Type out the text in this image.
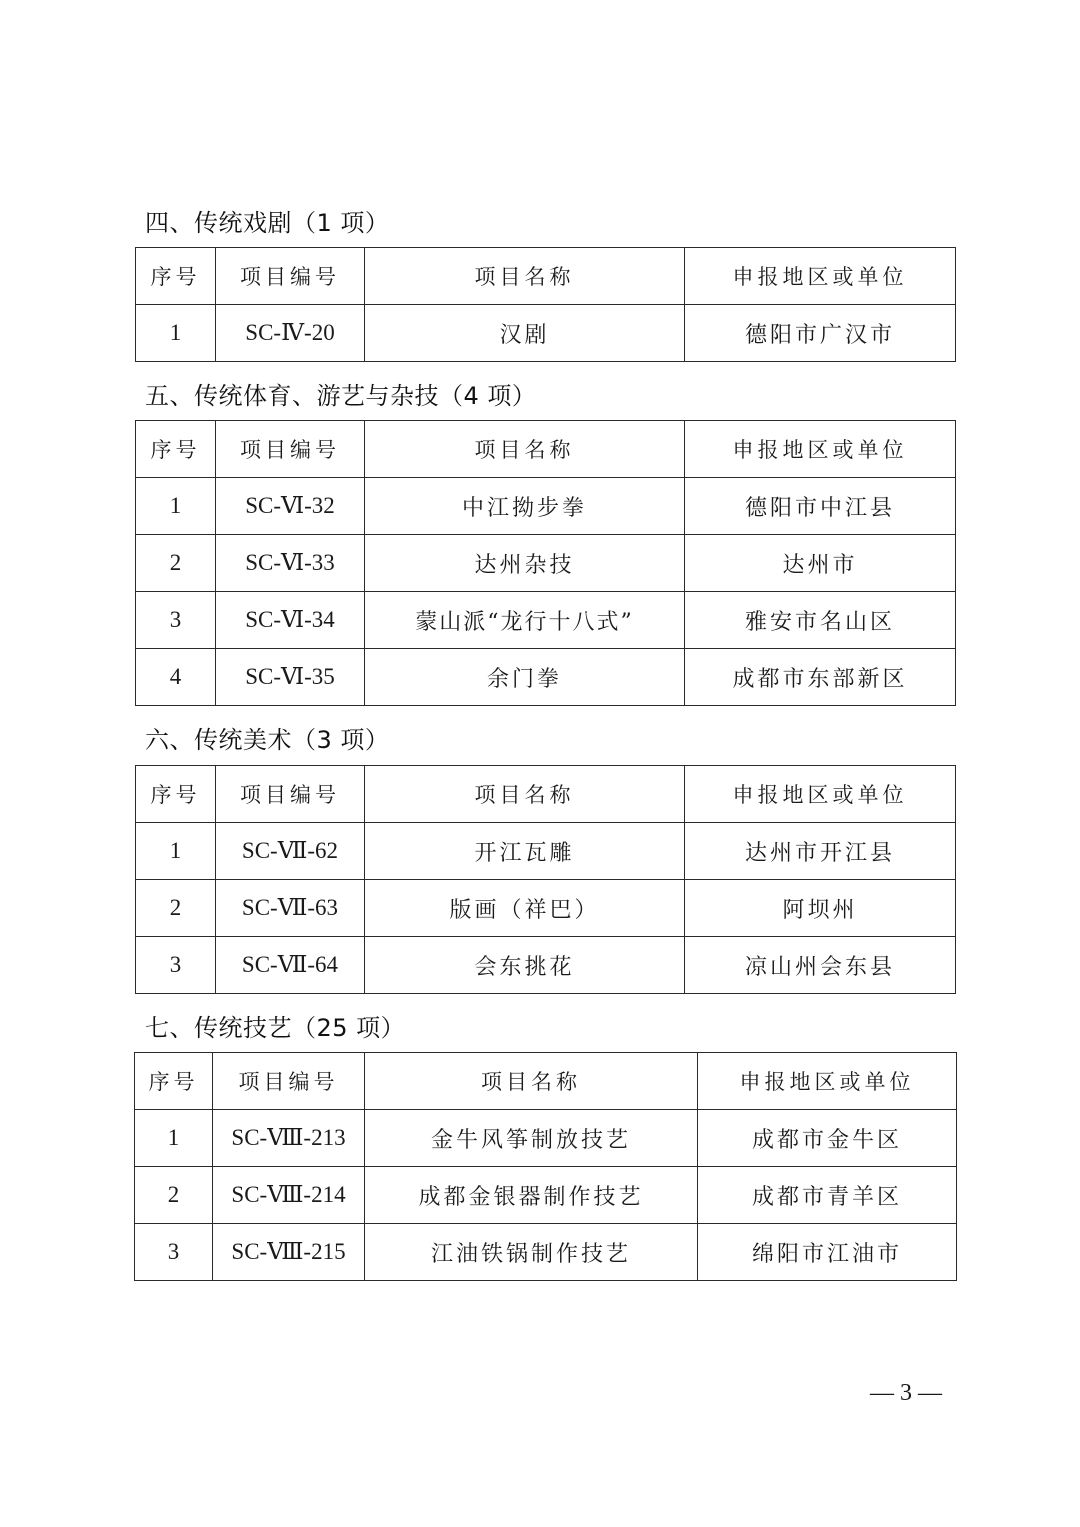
四、传统戏剧（1 项）
序号	项目编号	项目名称	申报地区或单位
1	SC-Ⅳ-20	汉剧	德阳市广汉市
五、传统体育、游艺与杂技（4 项）
序号	项目编号	项目名称	申报地区或单位
1	SC-Ⅵ-32	中江拗步拳	德阳市中江县
2	SC-Ⅵ-33	达州杂技	达州市
3	SC-Ⅵ-34	蒙山派“龙行十八式”	雅安市名山区
4	SC-Ⅵ-35	余门拳	成都市东部新区
六、传统美术（3 项）
序号	项目编号	项目名称	申报地区或单位
1	SC-Ⅶ-62	开江瓦雕	达州市开江县
2	SC-Ⅶ-63	版画（祥巴）	阿坝州
3	SC-Ⅶ-64	会东挑花	凉山州会东县
七、传统技艺（25 项）
序号	项目编号	项目名称	申报地区或单位
1	SC-Ⅷ-213	金牛风筝制放技艺	成都市金牛区
2	SC-Ⅷ-214	成都金银器制作技艺	成都市青羊区
3	SC-Ⅷ-215	江油铁锅制作技艺	绵阳市江油市
— 3 —
